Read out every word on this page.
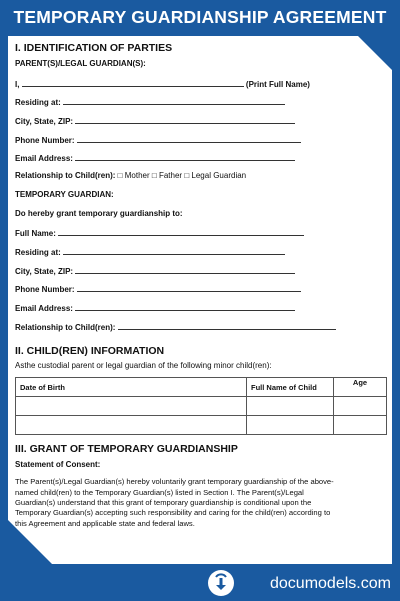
TEMPORARY GUARDIANSHIP AGREEMENT

I. IDENTIFICATION OF PARTIES

PARENT(S)/LEGAL GUARDIAN(S):
I,	(Print Full Name)
Residing at:
City, State, ZIP:
Phone Number:
Email Address:
Relationship to Child(ren): □ Mother □ Father □ Legal Guardian
TEMPORARY GUARDIAN:
Do hereby grant temporary guardianship to:
Full Name:
Residing at:
City, State, ZIP:
Phone Number:
Email Address:
Relationship to Child(ren):

II. CHILD(REN) INFORMATION

Asthe custodial parent or legal guardian of the following minor child(ren):
Date of Birth	Full Name of Child	Age

III. GRANT OF TEMPORARY GUARDIANSHIP

Statement of Consent:

The Parent(s)/Legal Guardian(s) hereby voluntarily grant temporary guardianship of the above-
named child(ren) to the Temporary Guardian(s) listed in Section I. The Parent(s)/Legal
Guardian(s) understand that this grant of temporary guardianship is conditional upon the
Temporary Guardian(s) accepting such responsibility and caring for the child(ren) according to
this Agreement and applicable state and federal laws.

documodels.com
